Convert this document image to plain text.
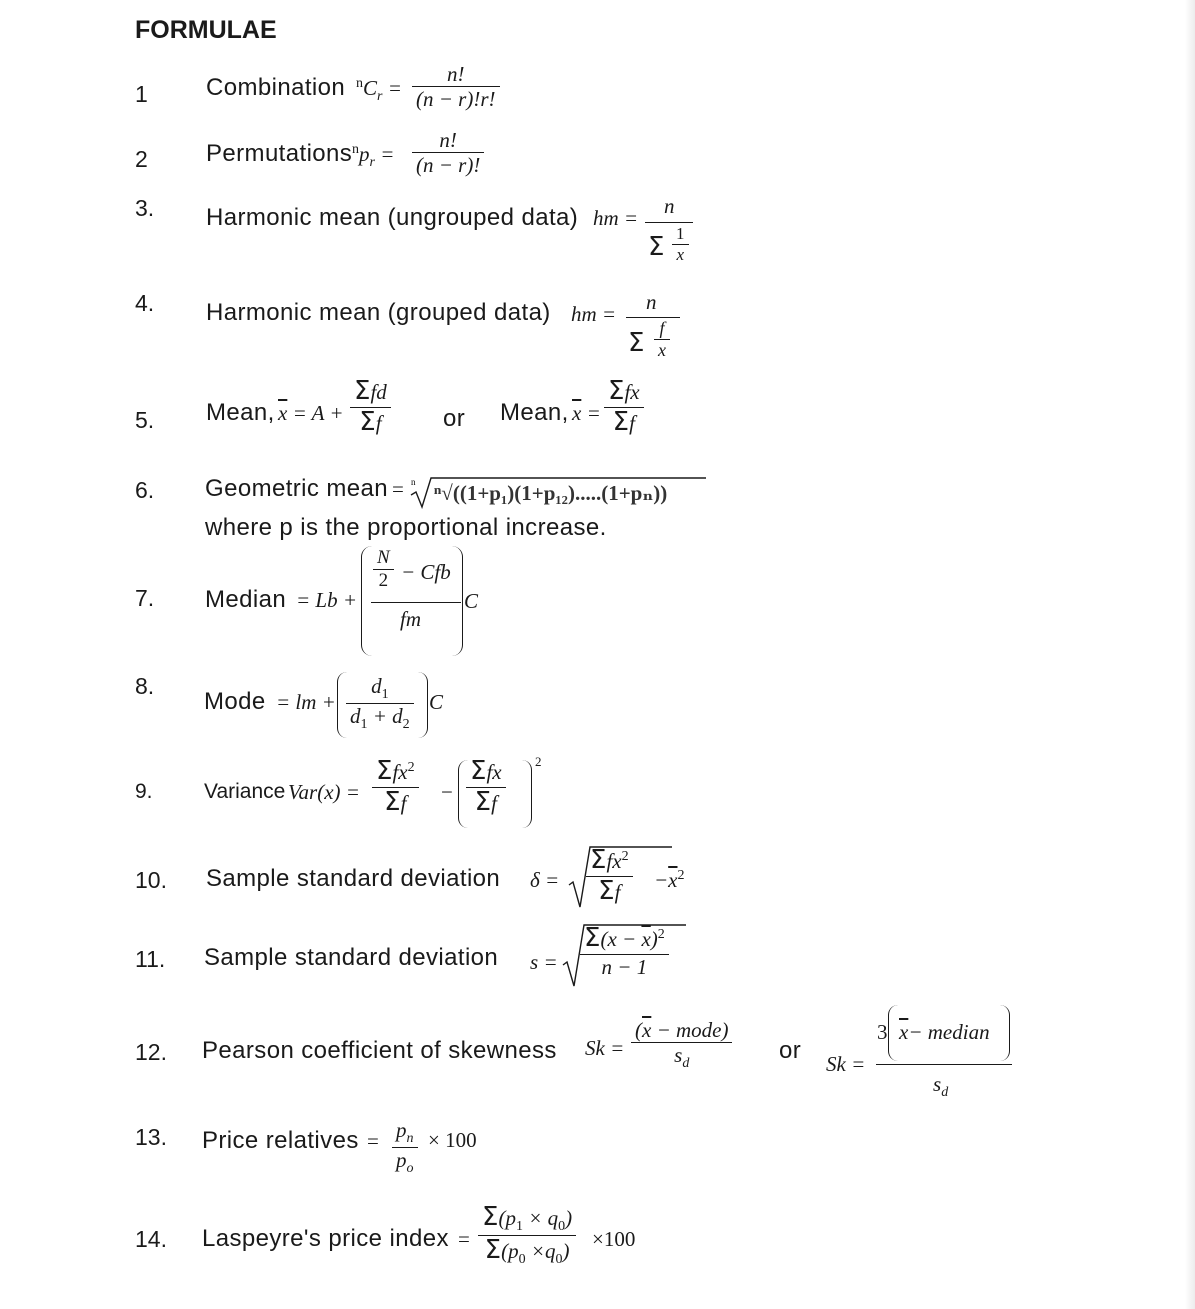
FORMULAE
1 Combination $^nC_r$ =
n!
(n − r)!r!
2 Permutations $^np_r$ =
n!
(n − r)!
3. Harmonic mean (ungrouped data) hm = n
Σ 1
x
4. Harmonic mean (grouped data) hm = n
Σ f
x
5. Mean, $\overline{x} = A$ +
Σfd
Σf	or Mean, $\overline{x}$ =
Σfx
Σf
6. Geometric mean = n ⁿ√((1+p₁)(1+p₁₂).....(1+pₙ))
where p is the proportional increase.
7. Median = Lb +
N
2 − Cfb
fm
C
8.
Mode = lm +
$d_1$
$d_1 + d_2$
C
9. Variance Var(x) =
Σfx$^2$
Σf −
Σfx
Σf
2
10. Sample standard deviation δ =
Σfx$^2$
$\Sigma f -\overline{x}^2$
11. Sample standard deviation s =
$\Sigma(x - \overline{x})^2$
n − 1
12. Pearson coefficient of skewness Sk =
($\overline{x}$ − mode)
$s_d$	or Sk =
3 $\overline{x}-$ median
$s_d$
13. Price relatives = $p_n$
$p_o$
× 100
14. Laspeyre's price index =
$\Sigma(p_1 \times q_0)$
$\Sigma(p_0 \times q_0)$
×100
